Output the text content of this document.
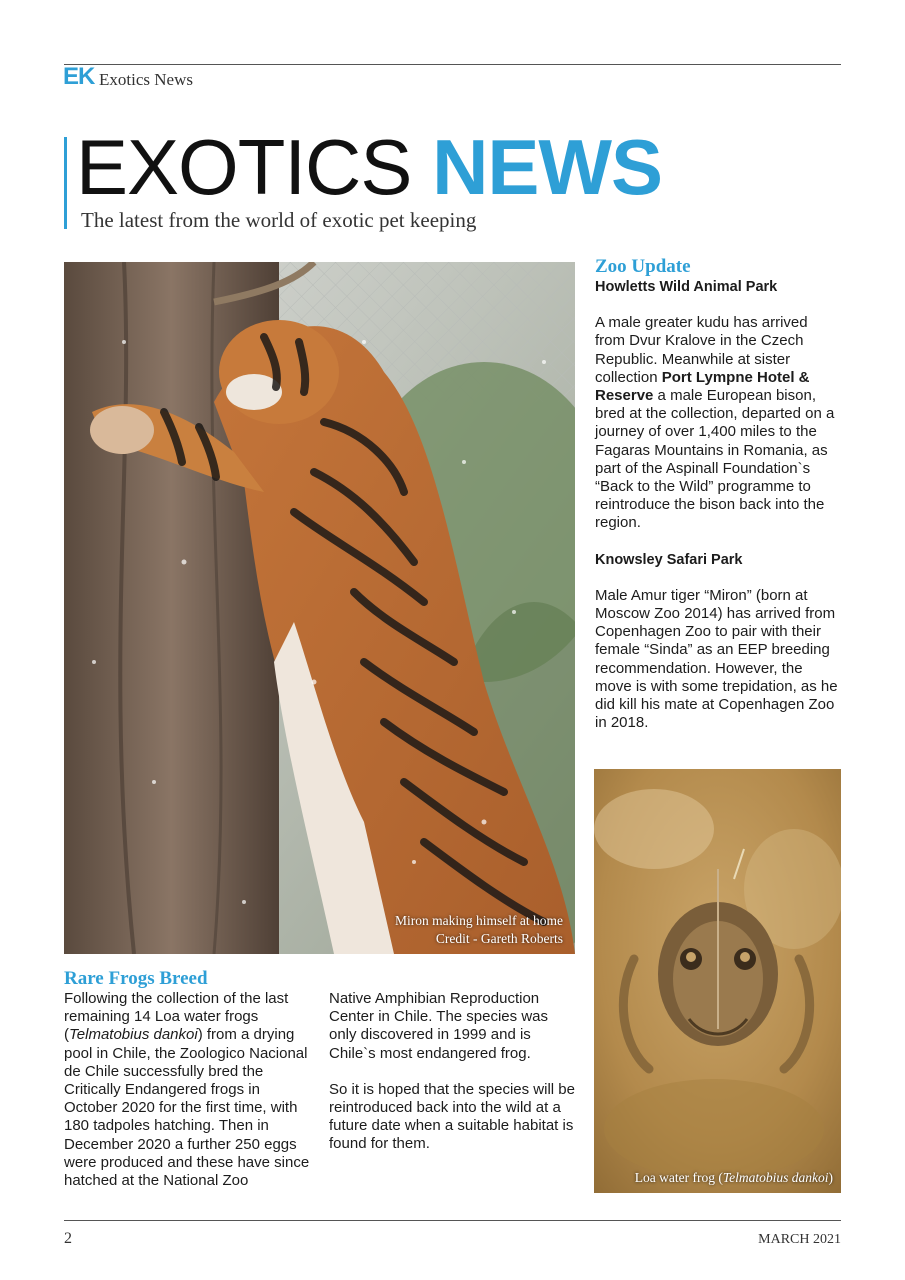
EK Exotics News
EXOTICS NEWS
The latest from the world of exotic pet keeping
Miron making himself at home
Credit - Gareth Roberts
Zoo Update
Howletts Wild Animal Park

A male greater kudu has arrived from Dvur Kralove in the Czech Republic. Meanwhile at sister collection Port Lympne Hotel & Reserve a male European bison, bred at the collection, departed on a journey of over 1,400 miles to the Fagaras Mountains in Romania, as part of the Aspinall Foundation`s “Back to the Wild” programme to reintroduce the bison back into the region.

Knowsley Safari Park

Male Amur tiger “Miron” (born at Moscow Zoo 2014) has arrived from Copenhagen Zoo to pair with their female “Sinda” as an EEP breeding recommendation. However, the move is with some trepidation, as he did kill his mate at Copenhagen Zoo in 2018.

Loa water frog (Telmatobius dankoi)
Rare Frogs Breed

Following the collection of the last remaining 14 Loa water frogs (Telmatobius dankoi) from a drying pool in Chile, the Zoologico Nacional de Chile successfully bred the Critically Endangered frogs in October 2020 for the first time, with 180 tadpoles hatching. Then in December 2020 a further 250 eggs were produced and these have since hatched at the National Zoo

Native Amphibian Reproduction Center in Chile. The species was only discovered in 1999 and is Chile`s most endangered frog.

So it is hoped that the species will be reintroduced back into the wild at a future date when a suitable habitat is found for them.

2	MARCH 2021
